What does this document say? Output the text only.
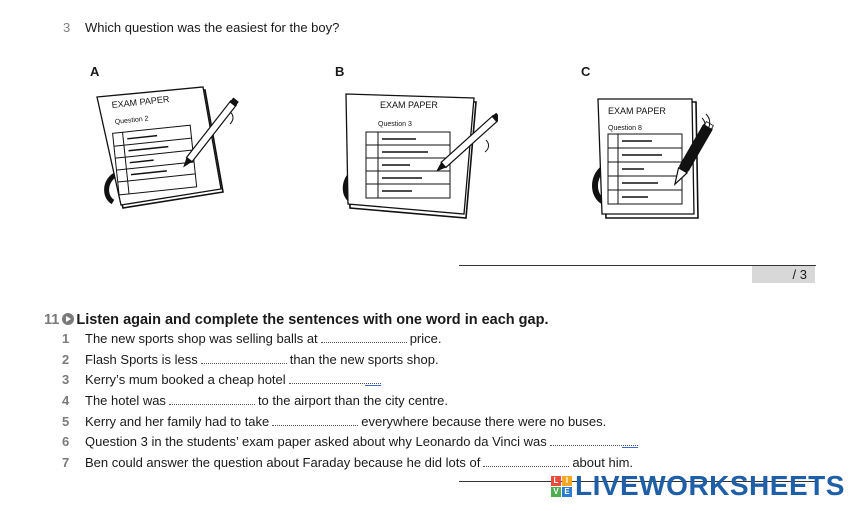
3 Which question was the easiest for the boy?
A	B	C
EXAM PAPER
Question 2
EXAM PAPER
Question 3
EXAM PAPER
Question 8
/ 3
11 Listen again and complete the sentences with one word in each gap.
1 The new sports shop was selling balls at	price.
2 Flash Sports is less	than the new sports shop.
3 Kerry’s mum booked a cheap hotel
4 The hotel was	to the airport than the city centre.
5 Kerry and her family had to take	everywhere because there were no buses.
6 Question 3 in the students’ exam paper asked about why Leonardo da Vinci was
7 Ben could answer the question about Faraday because he did lots of	about him.
L I
V E LIVEWORKSHEETS
